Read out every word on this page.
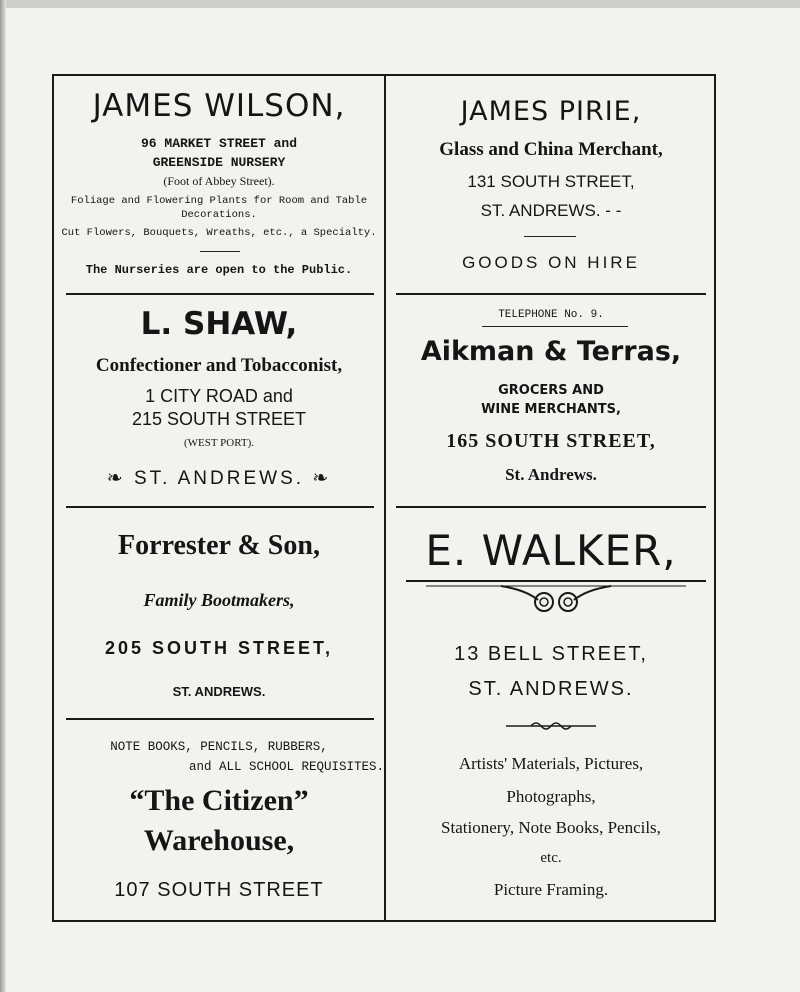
JAMES WILSON,
96 MARKET STREET and
GREENSIDE NURSERY
(Foot of Abbey Street).
Foliage and Flowering Plants for Room and Table
Decorations.
Cut Flowers, Bouquets, Wreaths, etc., a Specialty.
The Nurseries are open to the Public.
JAMES PIRIE,
Glass and China Merchant,
131 SOUTH STREET,
ST. ANDREWS. - -
GOODS ON HIRE
L. SHAW,
Confectioner and Tobacconist,
1 CITY ROAD and
215 SOUTH STREET
(WEST PORT).
❧ ST. ANDREWS. ❧
TELEPHONE No. 9.
Aikman & Terras,
GROCERS AND
WINE MERCHANTS,
165 SOUTH STREET,
St. Andrews.
Forrester & Son,
Family Bootmakers,
205 SOUTH STREET,
ST. ANDREWS.
E. WALKER,
13 BELL STREET,
ST. ANDREWS.
Artists' Materials, Pictures,
Photographs,
Stationery, Note Books, Pencils,
etc.
Picture Framing.
NOTE BOOKS, PENCILS, RUBBERS,
and ALL SCHOOL REQUISITES.
“The Citizen”
Warehouse,
107 SOUTH STREET
